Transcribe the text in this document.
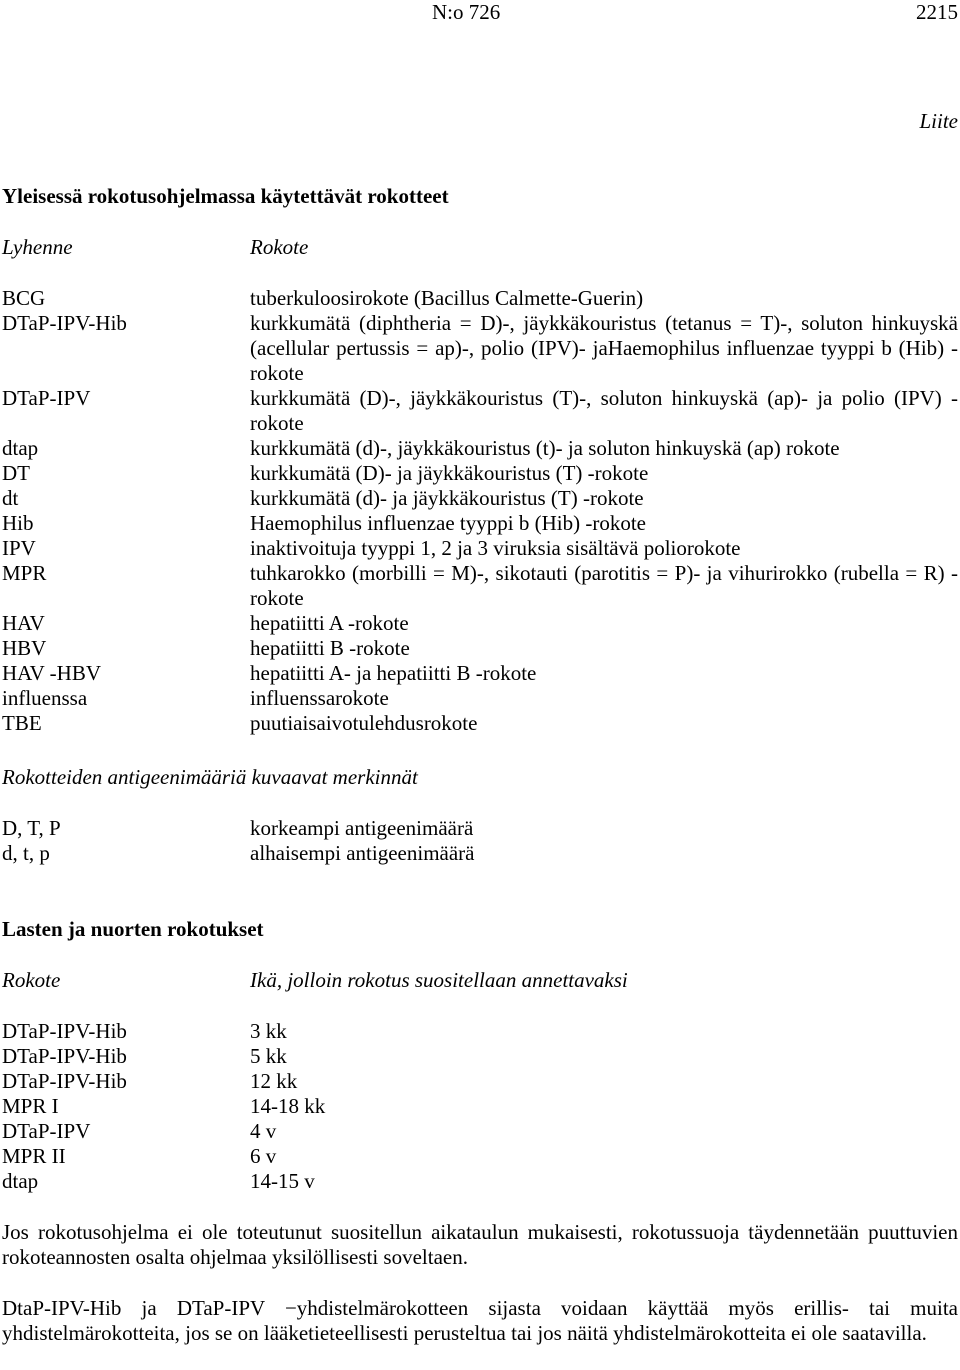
N:o 726	2215
Liite
Yleisessä rokotusohjelmassa käytettävät rokotteet
Lyhenne	Rokote
BCG	tuberkuloosirokote (Bacillus Calmette-Guerin)
DTaP-IPV-Hib	kurkkumätä (diphtheria = D)-, jäykkäkouristus (tetanus = T)-, soluton hinkuyskä (acellular pertussis = ap)-, polio (IPV)- jaHaemophilus influenzae tyyppi b (Hib) -rokote
DTaP-IPV	kurkkumätä (D)-, jäykkäkouristus (T)-, soluton hinkuyskä (ap)- ja polio (IPV) -rokote
dtap	kurkkumätä (d)-, jäykkäkouristus (t)- ja soluton hinkuyskä (ap) rokote
DT	kurkkumätä (D)- ja jäykkäkouristus (T) -rokote
dt	kurkkumätä (d)- ja jäykkäkouristus (T) -rokote
Hib	Haemophilus influenzae tyyppi b (Hib) -rokote
IPV	inaktivoituja tyyppi 1, 2 ja 3 viruksia sisältävä poliorokote
MPR	tuhkarokko (morbilli = M)-, sikotauti (parotitis = P)- ja vihurirokko (rubella = R) -rokote
HAV	hepatiitti A -rokote
HBV	hepatiitti B -rokote
HAV -HBV	hepatiitti A- ja hepatiitti B -rokote
influenssa	influenssarokote
TBE	puutiaisaivotulehdusrokote
Rokotteiden antigeenimääriä kuvaavat merkinnät
D, T, P	korkeampi antigeenimäärä
d, t, p	alhaisempi antigeenimäärä
Lasten ja nuorten rokotukset
Rokote	Ikä, jolloin rokotus suositellaan annettavaksi
DTaP-IPV-Hib	3 kk
DTaP-IPV-Hib	5 kk
DTaP-IPV-Hib	12 kk
MPR I	14-18 kk
DTaP-IPV	4 v
MPR II	6 v
dtap	14-15 v
Jos rokotusohjelma ei ole toteutunut suositellun aikataulun mukaisesti, rokotussuoja täydennetään puuttuvien rokoteannosten osalta ohjelmaa yksilöllisesti soveltaen.
DtaP-IPV-Hib ja DTaP-IPV −yhdistelmärokotteen sijasta voidaan käyttää myös erillis- tai muita yhdistelmärokotteita, jos se on lääketieteellisesti perusteltua tai jos näitä yhdistelmärokotteita ei ole saatavilla.
